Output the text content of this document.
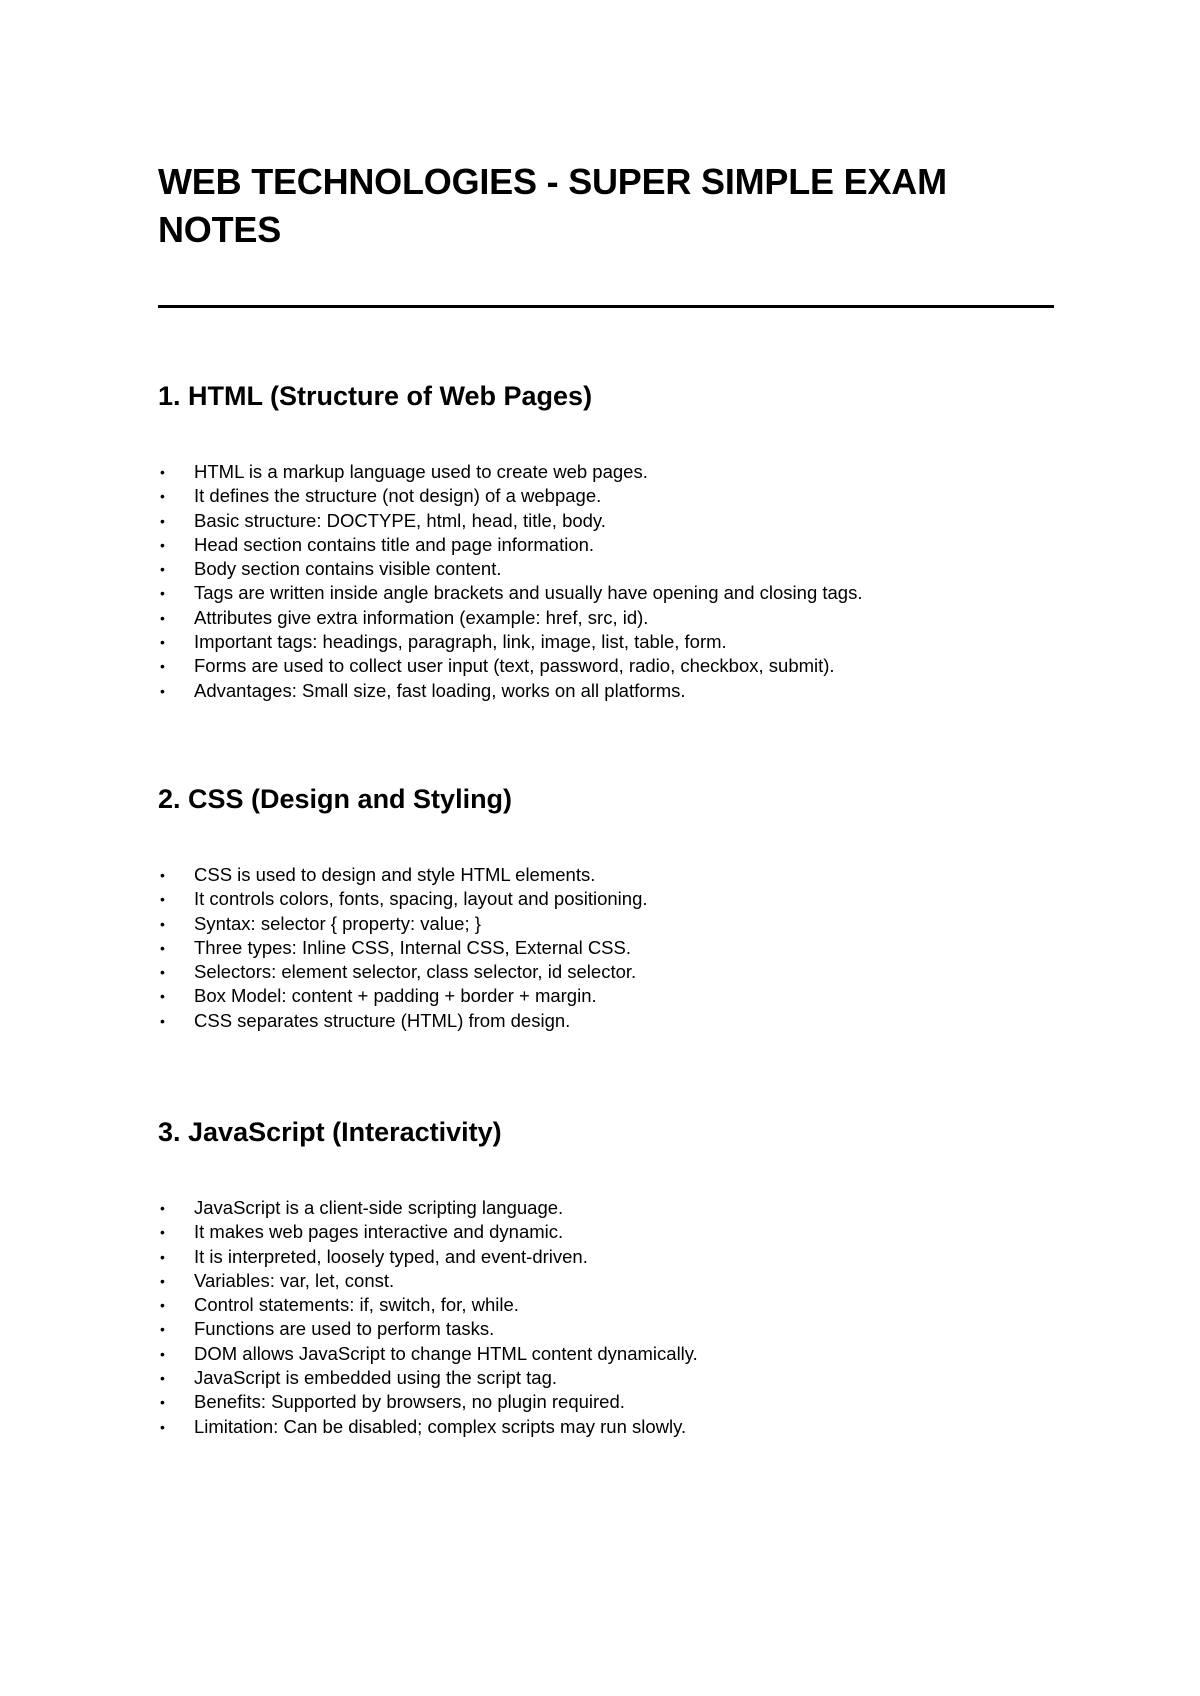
WEB TECHNOLOGIES - SUPER SIMPLE EXAM NOTES
1. HTML (Structure of Web Pages)
• HTML is a markup language used to create web pages.
• It defines the structure (not design) of a webpage.
• Basic structure: DOCTYPE, html, head, title, body.
• Head section contains title and page information.
• Body section contains visible content.
• Tags are written inside angle brackets and usually have opening and closing tags.
• Attributes give extra information (example: href, src, id).
• Important tags: headings, paragraph, link, image, list, table, form.
• Forms are used to collect user input (text, password, radio, checkbox, submit).
• Advantages: Small size, fast loading, works on all platforms.
2. CSS (Design and Styling)
• CSS is used to design and style HTML elements.
• It controls colors, fonts, spacing, layout and positioning.
• Syntax: selector { property: value; }
• Three types: Inline CSS, Internal CSS, External CSS.
• Selectors: element selector, class selector, id selector.
• Box Model: content + padding + border + margin.
• CSS separates structure (HTML) from design.
3. JavaScript (Interactivity)
• JavaScript is a client-side scripting language.
• It makes web pages interactive and dynamic.
• It is interpreted, loosely typed, and event-driven.
• Variables: var, let, const.
• Control statements: if, switch, for, while.
• Functions are used to perform tasks.
• DOM allows JavaScript to change HTML content dynamically.
• JavaScript is embedded using the script tag.
• Benefits: Supported by browsers, no plugin required.
• Limitation: Can be disabled; complex scripts may run slowly.
